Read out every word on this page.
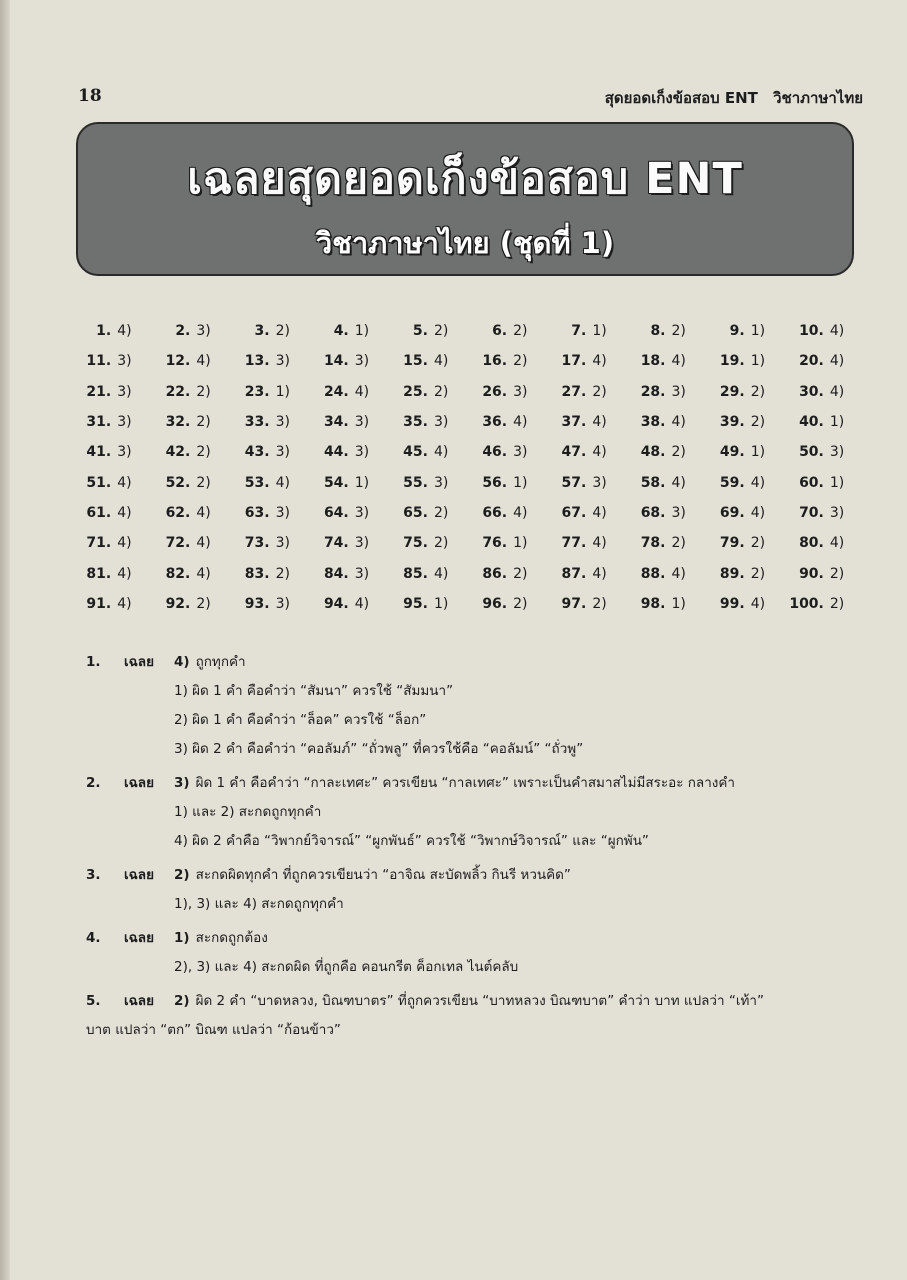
18	สุดยอดเก็งข้อสอบ ENT วิชาภาษาไทย
เฉลยสุดยอดเก็งข้อสอบ ENT
วิชาภาษาไทย (ชุดที่ 1)
1. 4)	2. 3)	3. 2)	4. 1)	5. 2)	6. 2)	7. 1)	8. 2)	9. 1) 10. 4)
11. 3) 12. 4) 13. 3) 14. 3) 15. 4) 16. 2) 17. 4) 18. 4) 19. 1) 20. 4)
21. 3) 22. 2) 23. 1) 24. 4) 25. 2) 26. 3) 27. 2) 28. 3) 29. 2) 30. 4)
31. 3) 32. 2) 33. 3) 34. 3) 35. 3) 36. 4) 37. 4) 38. 4) 39. 2) 40. 1)
41. 3) 42. 2) 43. 3) 44. 3) 45. 4) 46. 3) 47. 4) 48. 2) 49. 1) 50. 3)
51. 4) 52. 2) 53. 4) 54. 1) 55. 3) 56. 1) 57. 3) 58. 4) 59. 4) 60. 1)
61. 4) 62. 4) 63. 3) 64. 3) 65. 2) 66. 4) 67. 4) 68. 3) 69. 4) 70. 3)
71. 4) 72. 4) 73. 3) 74. 3) 75. 2) 76. 1) 77. 4) 78. 2) 79. 2) 80. 4)
81. 4) 82. 4) 83. 2) 84. 3) 85. 4) 86. 2) 87. 4) 88. 4) 89. 2) 90. 2)
91. 4) 92. 2) 93. 3) 94. 4) 95. 1) 96. 2) 97. 2) 98. 1) 99. 4) 100. 2)
1. เฉลย 4) ถูกทุกคำ
1) ผิด 1 คำ คือคำว่า “สัมนา” ควรใช้ “สัมมนา”
2) ผิด 1 คำ คือคำว่า “ล็อค” ควรใช้ “ล็อก”
3) ผิด 2 คำ คือคำว่า “คอลัมภ์” “ถั่วพลู” ที่ควรใช้คือ “คอลัมน์” “ถั่วพู”
2. เฉลย 3) ผิด 1 คำ คือคำว่า “กาละเทศะ” ควรเขียน “กาลเทศะ” เพราะเป็นคำสมาสไม่มีสระอะ กลางคำ
1) และ 2) สะกดถูกทุกคำ
4) ผิด 2 คำคือ “วิพากย์วิจารณ์” “ผูกพันธ์” ควรใช้ “วิพากษ์วิจารณ์” และ “ผูกพัน”
3. เฉลย 2) สะกดผิดทุกคำ ที่ถูกควรเขียนว่า “อาจิณ สะบัดพลิ้ว กินรี หวนคิด”
1), 3) และ 4) สะกดถูกทุกคำ
4. เฉลย 1) สะกดถูกต้อง
2), 3) และ 4) สะกดผิด ที่ถูกคือ คอนกรีต ค็อกเทล ไนต์คลับ
5. เฉลย 2) ผิด 2 คำ “บาดหลวง, บิณฑบาตร” ที่ถูกควรเขียน “บาทหลวง บิณฑบาต” คำว่า บาท แปลว่า “เท้า”
บาต แปลว่า “ตก” บิณฑ แปลว่า “ก้อนข้าว”
